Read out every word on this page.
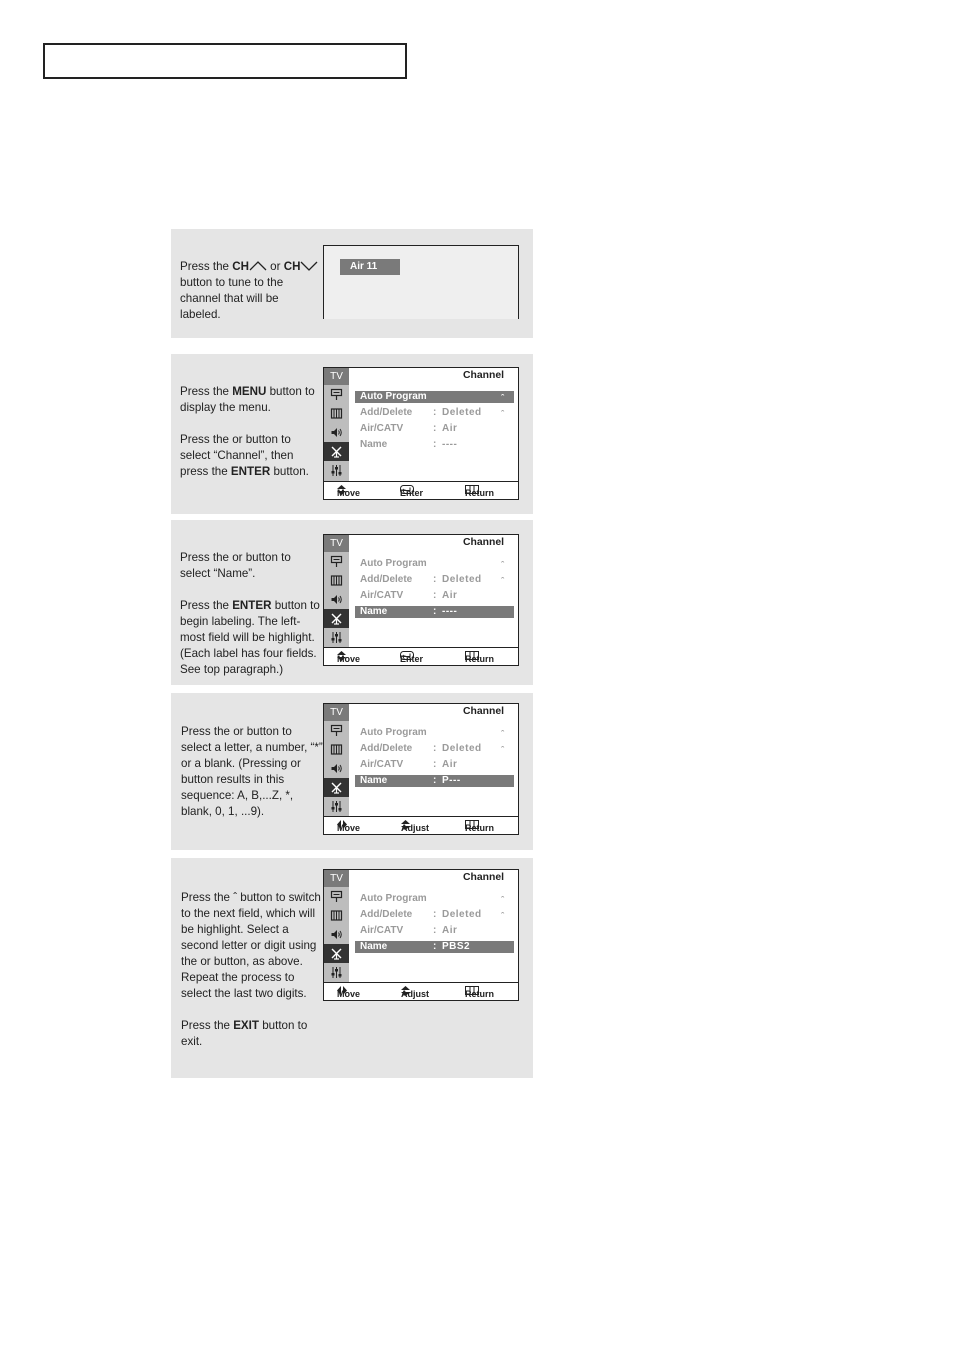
Press the CH or CH button to tune to the channel that will be labeled.

Air 11

Press the MENU button to display the menu.

Press the or button to select “Channel”, then press the ENTER button.

TV	Channel
Auto Program	ˆ
Add/Delete : Deleted ˆ
Air/CATV	: Air
Name	: ----
Move	Enter	Return

Press the or button to select “Name”.

Press the ENTER button to begin labeling. The left-most field will be highlight. (Each label has four fields. See top paragraph.)

TV	Channel
Auto Program	ˆ
Add/Delete : Deleted ˆ
Air/CATV	: Air
Name	: ----
Move	Enter	Return

Press the or button to select a letter, a number, “*” or a blank. (Pressing or button results in this sequence: A, B,...Z, *, blank, 0, 1, ...9).

TV	Channel
Auto Program	ˆ
Add/Delete : Deleted ˆ
Air/CATV	: Air
Name	: P---
Move	Adjust	Return

Press the ˆ button to switch to the next field, which will be highlight. Select a second letter or digit using the or button, as above. Repeat the process to select the last two digits.

Press the EXIT button to exit.

TV	Channel
Auto Program	ˆ
Add/Delete : Deleted ˆ
Air/CATV	: Air
Name	: PBS2
Move	Adjust	Return
